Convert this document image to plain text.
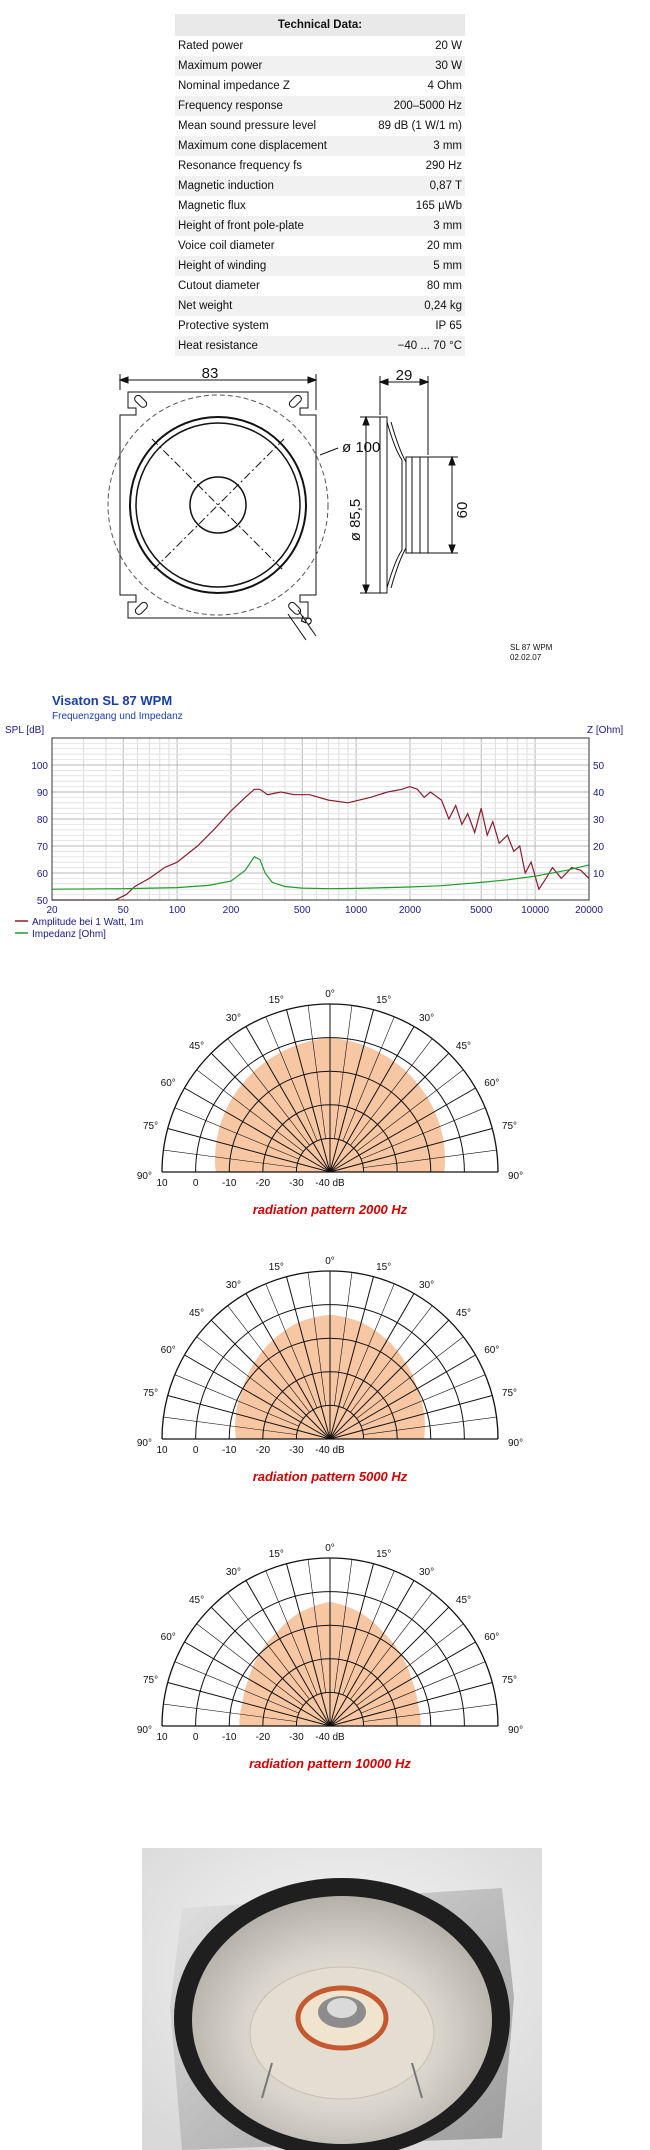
Technical Data:	
Rated power	20 W
Maximum power	30 W
Nominal impedance Z	4 Ohm
Frequency response	200–5000 Hz
Mean sound pressure level	89 dB (1 W/1 m)
Maximum cone displacement	3 mm
Resonance frequency fs	290 Hz
Magnetic induction	0,87 T
Magnetic flux	165 µWb
Height of front pole-plate	3 mm
Voice coil diameter	20 mm
Height of winding	5 mm
Cutout diameter	80 mm
Net weight	0,24 kg
Protective system	IP 65
Heat resistance	−40 ... 70 °C
83	29
ø 100
5
ø 85,5	60
SL 87 WPM
02.02.07
Visaton SL 87 WPM
Frequenzgang und Impedanz
SPL [dB]	Z [Ohm]
20	50	100	200	500	1000	2000	5000	10000	20000
50
60
70
80
90
100
10
20
30
40
50
Amplitude bei 1 Watt, 1m
Impedanz [Ohm]
0°
15°	15°
30°	30°
45°	45°
60°	60°
75°	75°
90°	90°
10	0 -10 -20 -30 -40 dB
radiation pattern 2000 Hz
0°
15°	15°
30°	30°
45°	45°
60°	60°
75°	75°
90°	90°
10	0 -10 -20 -30 -40 dB
radiation pattern 5000 Hz
0°
15°	15°
30°	30°
45°	45°
60°	60°
75°	75°
90°	90°
10	0 -10 -20 -30 -40 dB
radiation pattern 10000 Hz
